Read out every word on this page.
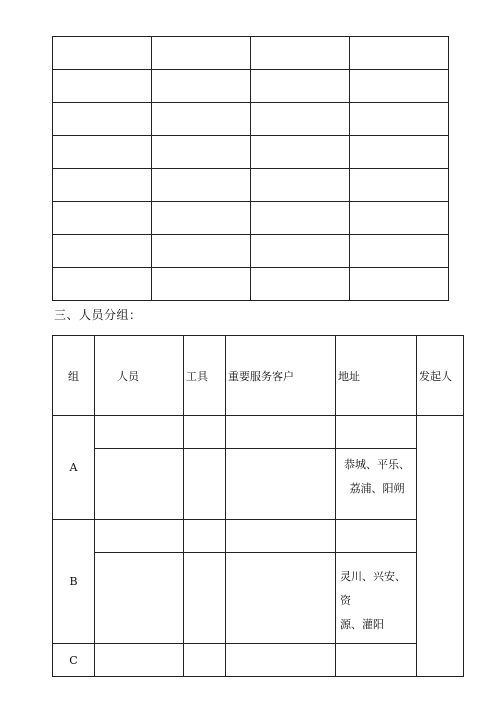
三、人员分组：
组	人员	工具	重要服务客户	地址	发起人

A					

				恭城、平乐、
荔浦、阳朔	

B					

				灵川、兴安、资
源、灌阳	

C					
